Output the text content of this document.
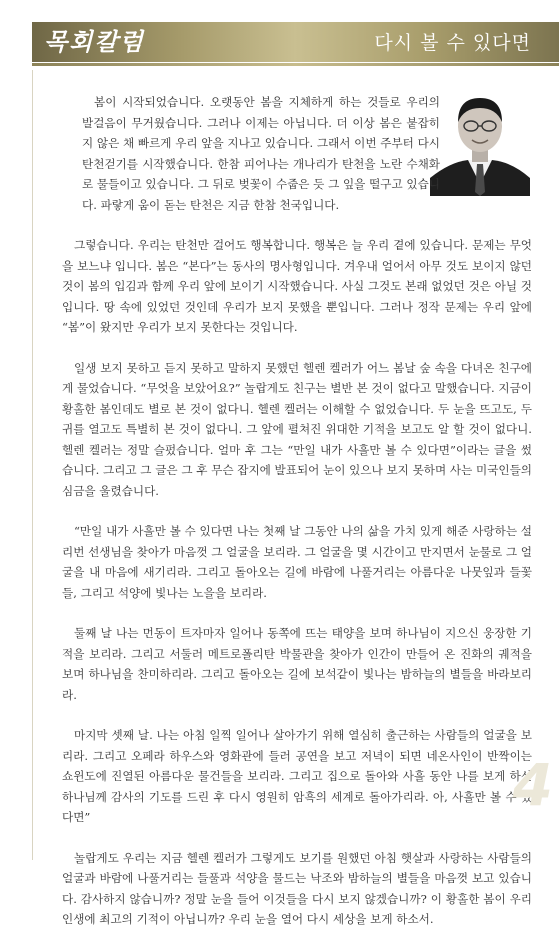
목회칼럼	다시 볼 수 있다면

봄이 시작되었습니다. 오랫동안 봄을 지체하게 하는 것들로 우리의 발걸음이 무거웠습니다. 그러나 이제는 아닙니다. 더 이상 봄은 붙잡히지 않은 채 빠르게 우리 앞을 지나고 있습니다. 그래서 이번 주부터 다시 탄천걷기를 시작했습니다. 한참 피어나는 개나리가 탄천을 노란 수채화로 물들이고 있습니다. 그 뒤로 벚꽃이 수줍은 듯 그 잎을 떨구고 있습니다. 파랗게 움이 돋는 탄천은 지금 한참 천국입니다.

그렇습니다. 우리는 탄천만 걸어도 행복합니다. 행복은 늘 우리 곁에 있습니다. 문제는 무엇을 보느냐 입니다. 봄은 “본다”는 동사의 명사형입니다. 겨우내 얼어서 아무 것도 보이지 않던 것이 봄의 입김과 함께 우리 앞에 보이기 시작했습니다. 사실 그것도 본래 없었던 것은 아닐 것입니다. 땅 속에 있었던 것인데 우리가 보지 못했을 뿐입니다. 그러나 정작 문제는 우리 앞에 “봄”이 왔지만 우리가 보지 못한다는 것입니다.

일생 보지 못하고 듣지 못하고 말하지 못했던 헬렌 켈러가 어느 봄날 숲 속을 다녀온 친구에게 물었습니다. “무엇을 보았어요?” 놀랍게도 친구는 별반 본 것이 없다고 말했습니다. 지금이 황홀한 봄인데도 별로 본 것이 없다니. 헬렌 켈러는 이해할 수 없었습니다. 두 눈을 뜨고도, 두 귀를 열고도 특별히 본 것이 없다니. 그 앞에 펼쳐진 위대한 기적을 보고도 알 할 것이 없다니. 헬렌 켈러는 정말 슬펐습니다. 얼마 후 그는 “만일 내가 사흘만 볼 수 있다면”이라는 글을 썼습니다. 그리고 그 글은 그 후 무슨 잡지에 발표되어 눈이 있으나 보지 못하며 사는 미국인들의 심금을 울렸습니다.

“만일 내가 사흘만 볼 수 있다면 나는 첫째 날 그동안 나의 삶을 가치 있게 해준 사랑하는 설리번 선생님을 찾아가 마음껏 그 얼굴을 보리라. 그 얼굴을 몇 시간이고 만지면서 눈물로 그 얼굴을 내 마음에 새기리라. 그리고 돌아오는 길에 바람에 나풀거리는 아름다운 나뭇잎과 들꽃들, 그리고 석양에 빛나는 노을을 보리라.

둘째 날 나는 먼동이 트자마자 일어나 동쪽에 뜨는 태양을 보며 하나님이 지으신 웅장한 기적을 보리라. 그리고 서둘러 메트로폴리탄 박물관을 찾아가 인간이 만들어 온 진화의 궤적을 보며 하나님을 찬미하리라. 그리고 돌아오는 길에 보석같이 빛나는 밤하늘의 별들을 바라보리라.

마지막 셋째 날. 나는 아침 일찍 일어나 살아가기 위해 열심히 출근하는 사람들의 얼굴을 보리라. 그리고 오페라 하우스와 영화관에 들러 공연을 보고 저녁이 되면 네온사인이 반짝이는 쇼윈도에 진열된 아름다운 물건들을 보리라. 그리고 집으로 돌아와 사흘 동안 나를 보게 하신 하나님께 감사의 기도를 드린 후 다시 영원히 암흑의 세계로 돌아가리라. 아, 사흘만 볼 수 있다면”

놀랍게도 우리는 지금 헬렌 켈러가 그렇게도 보기를 원했던 아침 햇살과 사랑하는 사람들의 얼굴과 바람에 나풀거리는 들풀과 석양을 물드는 낙조와 밤하늘의 별들을 마음껏 보고 있습니다. 감사하지 않습니까? 정말 눈을 들어 이것들을 다시 보지 않겠습니까? 이 황홀한 봄이 우리 인생에 최고의 기적이 아닙니까? 우리 눈을 열어 다시 세상을 보게 하소서.

4
